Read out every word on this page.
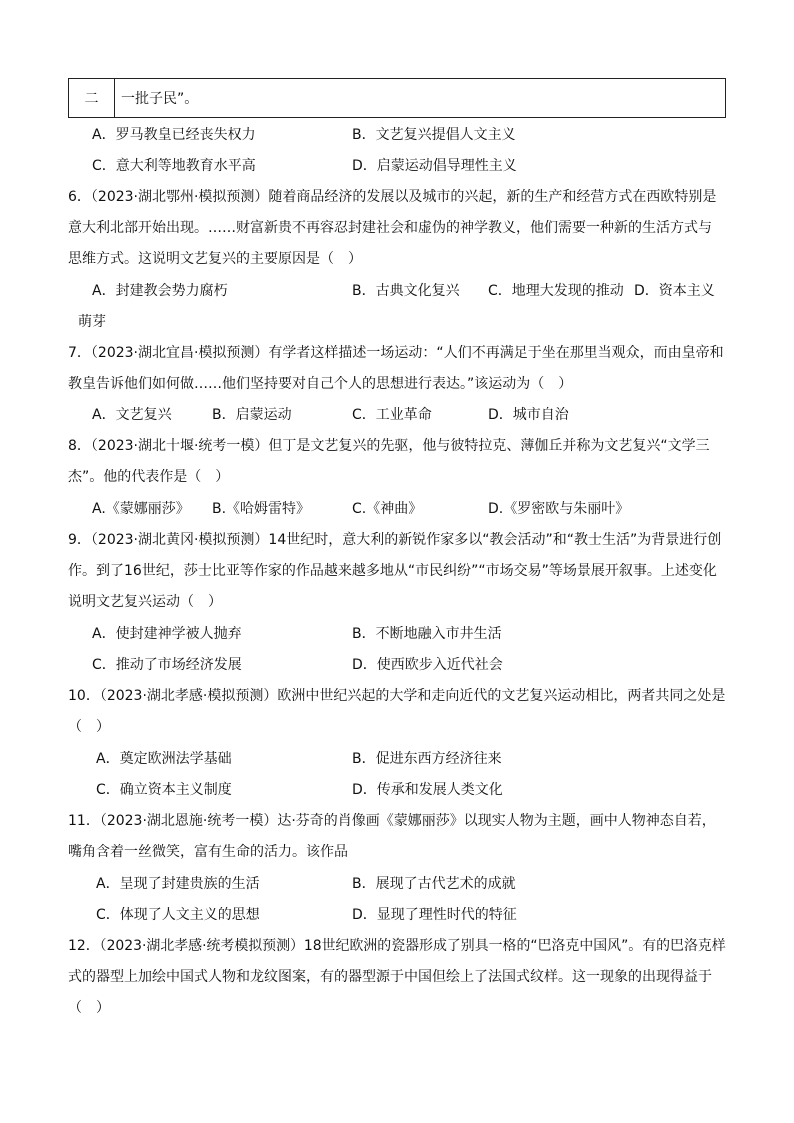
二	一批子民”。
A．罗马教皇已经丧失权力	B．文艺复兴提倡人文主义
C．意大利等地教育水平高	D．启蒙运动倡导理性主义
6．（2023·湖北鄂州·模拟预测）随着商品经济的发展以及城市的兴起，新的生产和经营方式在西欧特别是
意大利北部开始出现。……财富新贵不再容忍封建社会和虚伪的神学教义，他们需要一种新的生活方式与
思维方式。这说明文艺复兴的主要原因是（　）
A．封建教会势力腐朽	B．古典文化复兴 C．地理大发现的推动 D．资本主义
萌芽
7．（2023·湖北宜昌·模拟预测）有学者这样描述一场运动：“人们不再满足于坐在那里当观众，而由皇帝和
教皇告诉他们如何做……他们坚持要对自己个人的思想进行表达。”该运动为（　）
A．文艺复兴	B．启蒙运动	C．工业革命	D．城市自治
8．（2023·湖北十堰·统考一模）但丁是文艺复兴的先驱，他与彼特拉克、薄伽丘并称为文艺复兴“文学三
杰”。他的代表作是（　）
A.《蒙娜丽莎》 B.《哈姆雷特》	C.《神曲》	D.《罗密欧与朱丽叶》
9．（2023·湖北黄冈·模拟预测）14世纪时，意大利的新锐作家多以“教会活动”和“教士生活”为背景进行创
作。到了16世纪，莎士比亚等作家的作品越来越多地从“市民纠纷”“市场交易”等场景展开叙事。上述变化
说明文艺复兴运动（　）
A．使封建神学被人抛弃	B．不断地融入市井生活
C．推动了市场经济发展	D．使西欧步入近代社会
10．（2023·湖北孝感·模拟预测）欧洲中世纪兴起的大学和走向近代的文艺复兴运动相比，两者共同之处是
（　）
A．奠定欧洲法学基础	B．促进东西方经济往来
C．确立资本主义制度	D．传承和发展人类文化
11．（2023·湖北恩施·统考一模）达·芬奇的肖像画《蒙娜丽莎》以现实人物为主题，画中人物神态自若，
嘴角含着一丝微笑，富有生命的活力。该作品
A．呈现了封建贵族的生活	B．展现了古代艺术的成就
C．体现了人文主义的思想	D．显现了理性时代的特征
12．（2023·湖北孝感·统考模拟预测）18世纪欧洲的瓷器形成了别具一格的“巴洛克中国风”。有的巴洛克样
式的器型上加绘中国式人物和龙纹图案，有的器型源于中国但绘上了法国式纹样。这一现象的出现得益于
（　）
